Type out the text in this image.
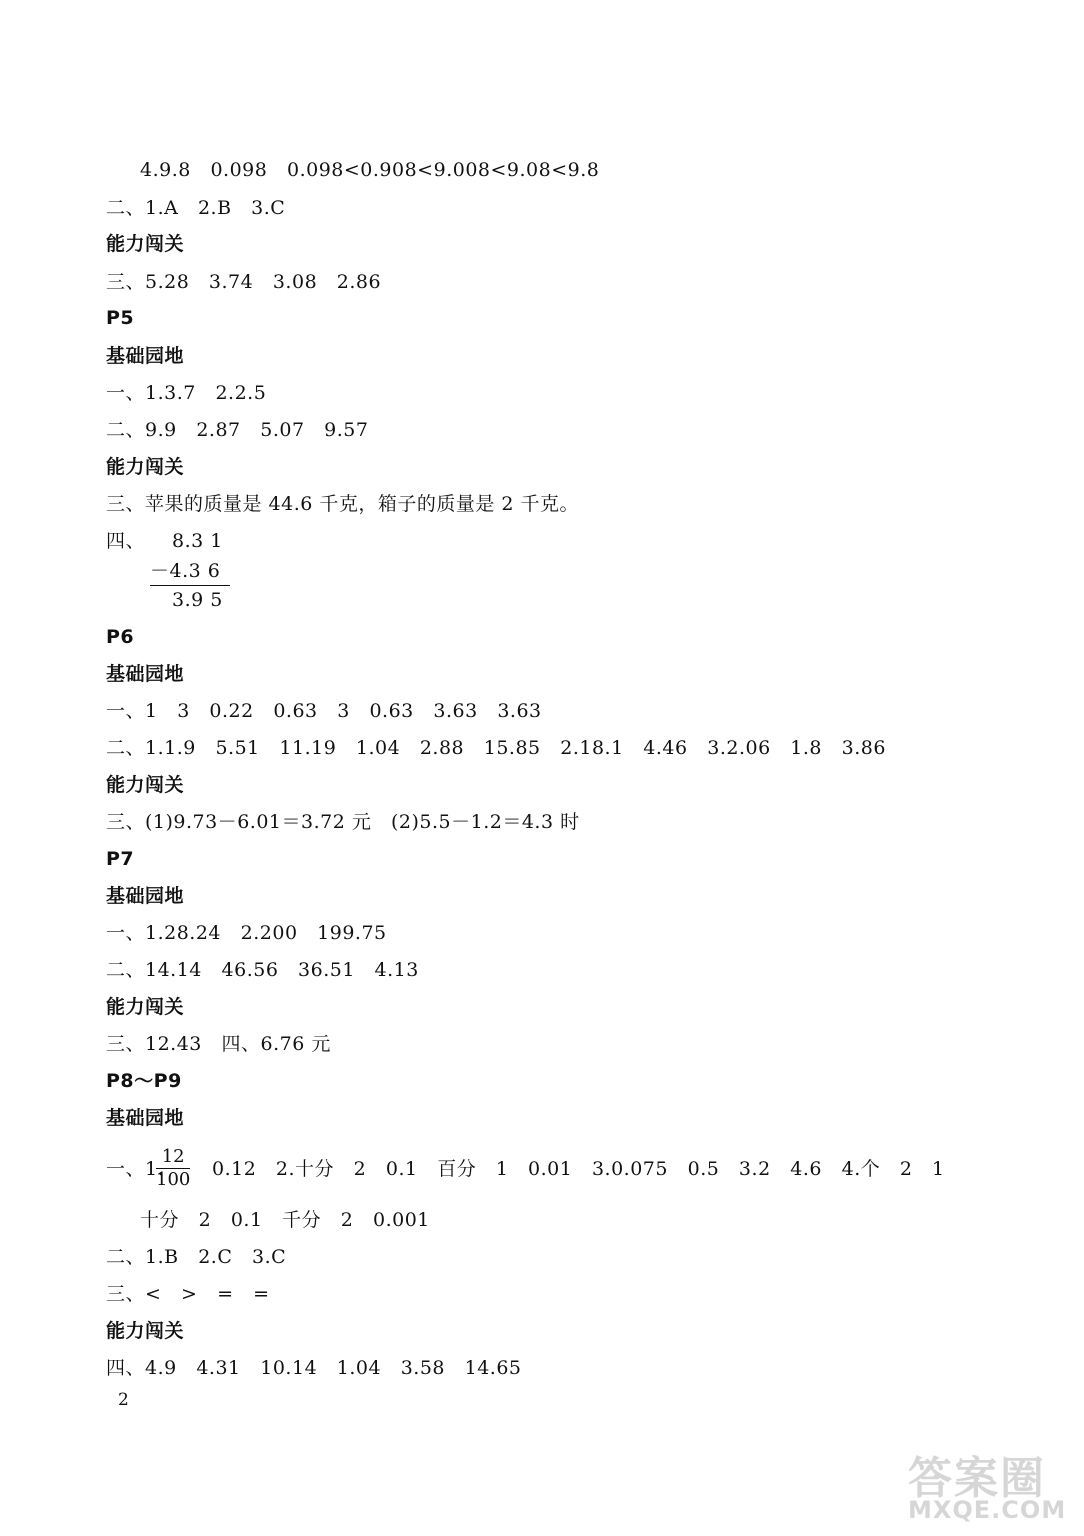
4.9.8   0.098   0.098<0.908<9.008<9.08<9.8
二、1.A   2.B   3.C
能力闯关
三、5.28   3.74   3.08   2.86
P5
基础园地
一、1.3.7   2.2.5
二、9.9   2.87   5.07   9.57
能力闯关
三、苹果的质量是 44.6 千克，箱子的质量是 2 千克。
四、 8.3 1
－4.3 6
3.9 5
P6
基础园地
一、1   3   0.22   0.63   3   0.63   3.63   3.63
二、1.1.9   5.51   11.19   1.04   2.88   15.85   2.18.1   4.46   3.2.06   1.8   3.86
能力闯关
三、(1)9.73－6.01＝3.72 元   (2)5.5－1.2＝4.3 时
P7
基础园地
一、1.28.24   2.200   199.75
二、14.14   46.56   36.51   4.13
能力闯关
三、12.43   四、6.76 元
P8～P9
基础园地
一、1.
$\frac{12}{100} 0.12$   2.十分   2   0.1   百分   1   0.01   3.0.075   0.5   3.2   4.6   4.个   2   1
十分   2   0.1   千分   2   0.001
二、1.B   2.C   3.C
三、<   >   =   =
能力闯关
四、4.9   4.31   10.14   1.04   3.58   14.65
2
答案圈
MXQE.COM
